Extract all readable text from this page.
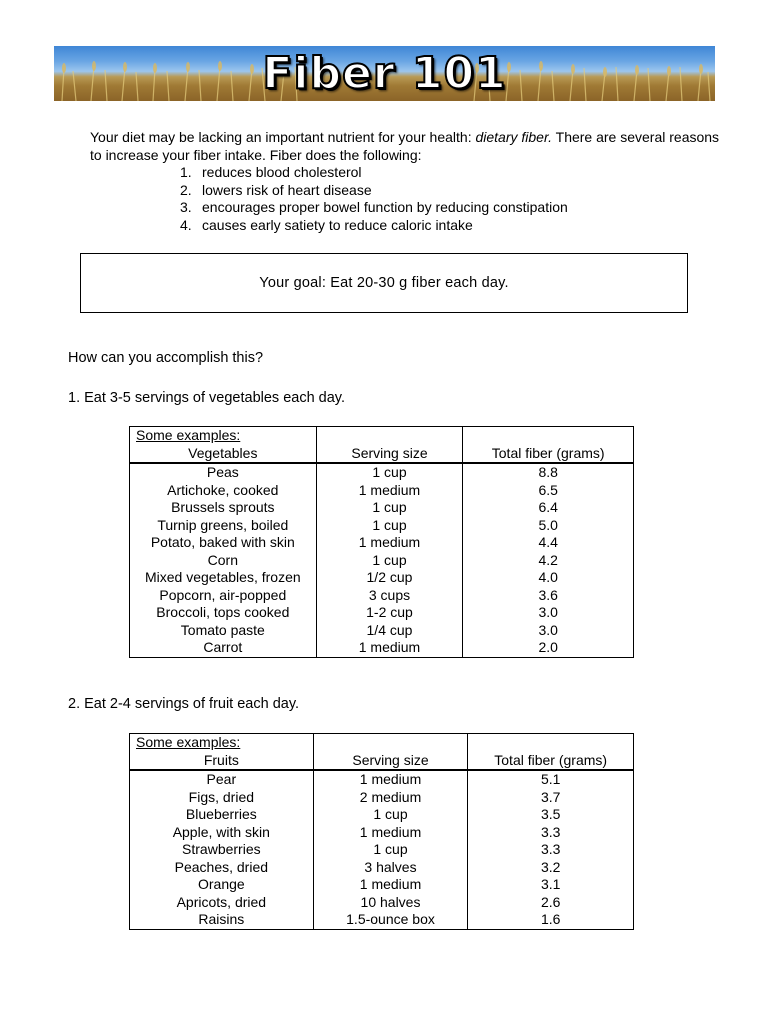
Fiber 101

Your diet may be lacking an important nutrient for your health: dietary fiber. There are several reasons to increase your fiber intake. Fiber does the following:

1. reduces blood cholesterol
2. lowers risk of heart disease
3. encourages proper bowel function by reducing constipation
4. causes early satiety to reduce caloric intake
Your goal: Eat 20-30 g fiber each day.
How can you accomplish this?
1. Eat 3-5 servings of vegetables each day.
Some examples:		
Vegetables	Serving size	Total fiber (grams)
Peas	1 cup	8.8
Artichoke, cooked	1 medium	6.5
Brussels sprouts	1 cup	6.4
Turnip greens, boiled	1 cup	5.0
Potato, baked with skin	1 medium	4.4
Corn	1 cup	4.2
Mixed vegetables, frozen	1/2 cup	4.0
Popcorn, air-popped	3 cups	3.6
Broccoli, tops cooked	1-2 cup	3.0
Tomato paste	1/4 cup	3.0
Carrot	1 medium	2.0
2. Eat 2-4 servings of fruit each day.
Some examples:		
Fruits	Serving size	Total fiber (grams)
Pear	1 medium	5.1
Figs, dried	2 medium	3.7
Blueberries	1 cup	3.5
Apple, with skin	1 medium	3.3
Strawberries	1 cup	3.3
Peaches, dried	3 halves	3.2
Orange	1 medium	3.1
Apricots, dried	10 halves	2.6
Raisins	1.5-ounce box	1.6
